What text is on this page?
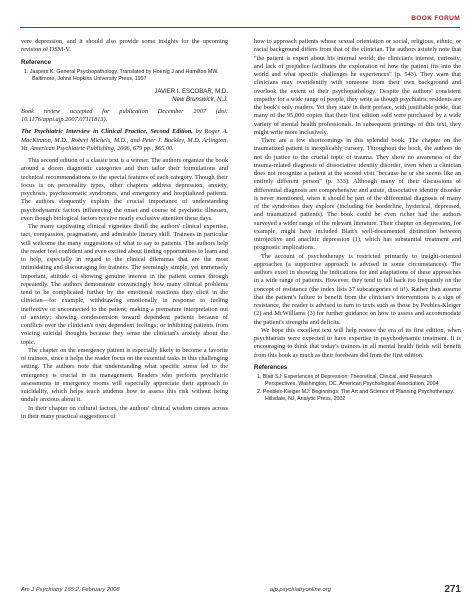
BOOK FORUM

vere depression, and it should also provide some insights for the upcoming revision of DSM-V.

Reference

1. Jaspers K: General Psychopathology. Translated by Hoenig J and Hamilton MW. Baltimore, Johns Hopkins University Press, 1997

JAVIER I. ESCOBAR, M.D.

New Brunswick, N.J.

Book review accepted for publication December 2007 (doi: 10.1176/appi.ajp.2007.07111813).

The Psychiatric Interview in Clinical Practice, Second Edition, by Roger A. MacKinnon, M.D., Robert Michels, M.D., and Peter J. Buckley, M.D. Arlington, Va, American Psychiatric Publishing, 2006, 679 pp., $65.00.

This second edition of a classic text is a winner. The authors organize the book around a dozen diagnostic categories and then tailor their formulations and technical recommendations to the special features of each category. Though their focus is on personality types, other chapters address depression, anxiety, psychosis, psychosomatic syndromes, and emergency and hospitalized patients. The authors eloquently explain the crucial importance of understanding psychodynamic factors influencing the onset and course of psychotic illnesses, even though biological factors receive nearly exclusive attention these days.

The many captivating clinical vignettes distill the authors' clinical expertise, tact, compassion, pragmatism, and admirable literary skill. Trainees in particular will welcome the many suggestions of what to say to patients. The authors help the reader feel confident and even excited about finding opportunities to learn and to help, especially in regard to the clinical dilemmas that are the most intimidating and discouraging for trainees. The seemingly simple, yet immensely important, attitude of showing genuine interest in the patient comes through repeatedly. The authors demonstrate convincingly how many clinical problems tend to be complicated further by the emotional reactions they elicit in the clinician—for example, withdrawing emotionally in response to feeling ineffective or unconnected to the patient; making a premature interpretation out of anxiety; showing condescension toward dependent patients because of conflicts over the clinician's own dependent feelings; or inhibiting patients from voicing suicidal thoughts because they sense the clinician's anxiety about the topic.

The chapter on the emergency patient is especially likely to become a favorite of trainees, since it helps the reader focus on the essential tasks in this challenging setting. The authors note that understanding what specific stress led to the emergency is crucial in its management. Readers who perform psychiatric assessments in emergency rooms will especially appreciate their approach to suicidality, which helps teach students how to assess this risk without being unduly anxious about it.

In their chapter on cultural factors, the authors' clinical wisdom comes across in their many practical suggestions of

how to approach patients whose sexual orientation or social, religious, ethnic, or racial background differs from that of the clinician. The authors astutely note that "the patient is expert about his internal world; the clinician's interest, curiosity, and lack of prejudice facilitates the exploration of how the patient fits into the world and what specific challenges he experiences" (p. 543). They warn that clinicians may overidentify with someone from their own background and overlook the extent of their psychopathology. Despite the authors' consistent empathy for a wide range of people, they write as though psychiatric residents are the book's only readers. Yet they state in their preface, with justifiable pride, that many of the 95,000 copies that their first edition sold were purchased by a wide variety of mental health professionals. In subsequent printings of this text, they might write more inclusively.

There are a few shortcomings in this splendid book. The chapter on the traumatized patient is inexplicably cursory. Throughout the book, the authors do not do justice to the crucial topic of trauma. They show no awareness of the trauma-related diagnosis of dissociative identity disorder, even when a clinician does not recognize a patient at the second visit "because he or she seems like an entirely different person" (p. 333). Although many of their discussions of differential diagnosis are comprehensive and astute, dissociative identity disorder is never mentioned, when it should be part of the differential diagnosis of many of the syndromes they explore (including for borderline, hysterical, depressed, and traumatized patients). The book could be even richer had the authors surveyed a wider range of the relevant literature. Their chapter on depression, for example, might have included Blatt's well-documented distinction between introjective and anaclitic depression (1), which has substantial treatment and prognostic implications.

The account of psychotherapy is restricted primarily to insight-oriented approaches (a supportive approach is advised in some circumstances). The authors excel in showing the indications for and adaptations of these approaches in a wide range of patients. However, they tend to fall back too frequently on the concept of resistance (the index lists 37 subcategories of it!). Rather than assume that the patient's failure to benefit from the clinician's interventions is a sign of resistance, the reader is advised to turn to texts such as those by Peebles-Kleiger (2) and McWilliams (3) for further guidance on how to assess and accommodate the patient's strengths and deficits.

We hope this excellent text will help restore the era of its first edition, when psychiatrists were expected to have expertise in psychodynamic treatment. It is encouraging to think that today's trainees in all mental health fields will benefit from this book as much as their forebears did from the first edition.

References

1. Blatt SJ: Experiences of Depression: Theoretical, Clinical, and Research Perspectives. Washington, DC, American Psychological Association, 2004

2. Peebles-Kleiger MJ: Beginnings: The Art and Science of Planning Psychotherapy. Hillsdale, NJ, Analytic Press, 2002

Am J Psychiatry 165:2, February 2008	ajp.psychiatryonline.org	271
